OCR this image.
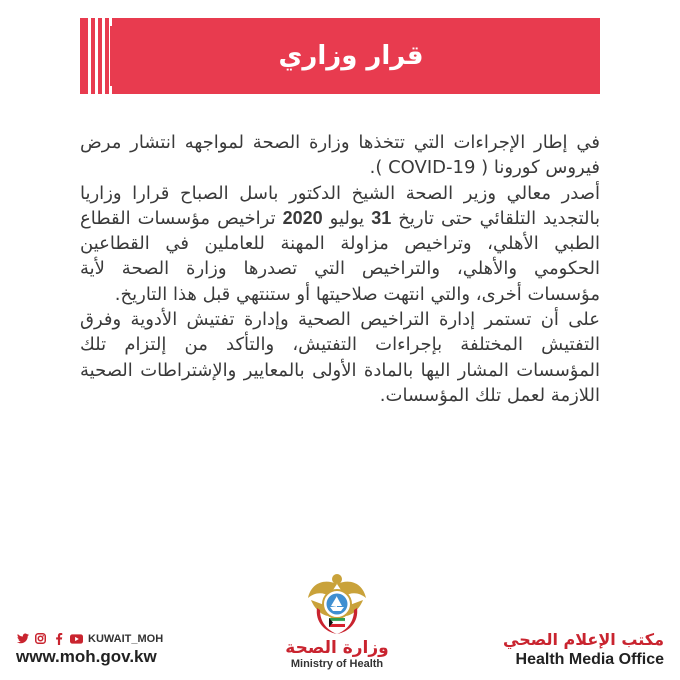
قرار وزاري

في إطار الإجراءات التي تتخذها وزارة الصحة لمواجهه انتشار مرض فيروس كورونا ( COVID-19 ).

أصدر معالي وزير الصحة الشيخ الدكتور باسل الصباح قرارا وزاريا بالتجديد التلقائي حتى تاريخ 31 يوليو 2020 تراخيص مؤسسات القطاع الطبي الأهلي، وتراخيص مزاولة المهنة للعاملين في القطاعين الحكومي والأهلي، والتراخيص التي تصدرها وزارة الصحة لأية مؤسسات أخرى، والتي انتهت صلاحيتها أو ستنتهي قبل هذا التاريخ.

على أن تستمر إدارة التراخيص الصحية وإدارة تفتيش الأدوية وفرق التفتيش المختلفة بإجراءات التفتيش، والتأكد من إلتزام تلك المؤسسات المشار اليها بالمادة الأولى بالمعايير والإشتراطات الصحية اللازمة لعمل تلك المؤسسات.

KUWAIT_MOH
www.moh.gov.kw	وزارة الصحة
Ministry of Health
مكتب الإعلام الصحي
Health Media Office
